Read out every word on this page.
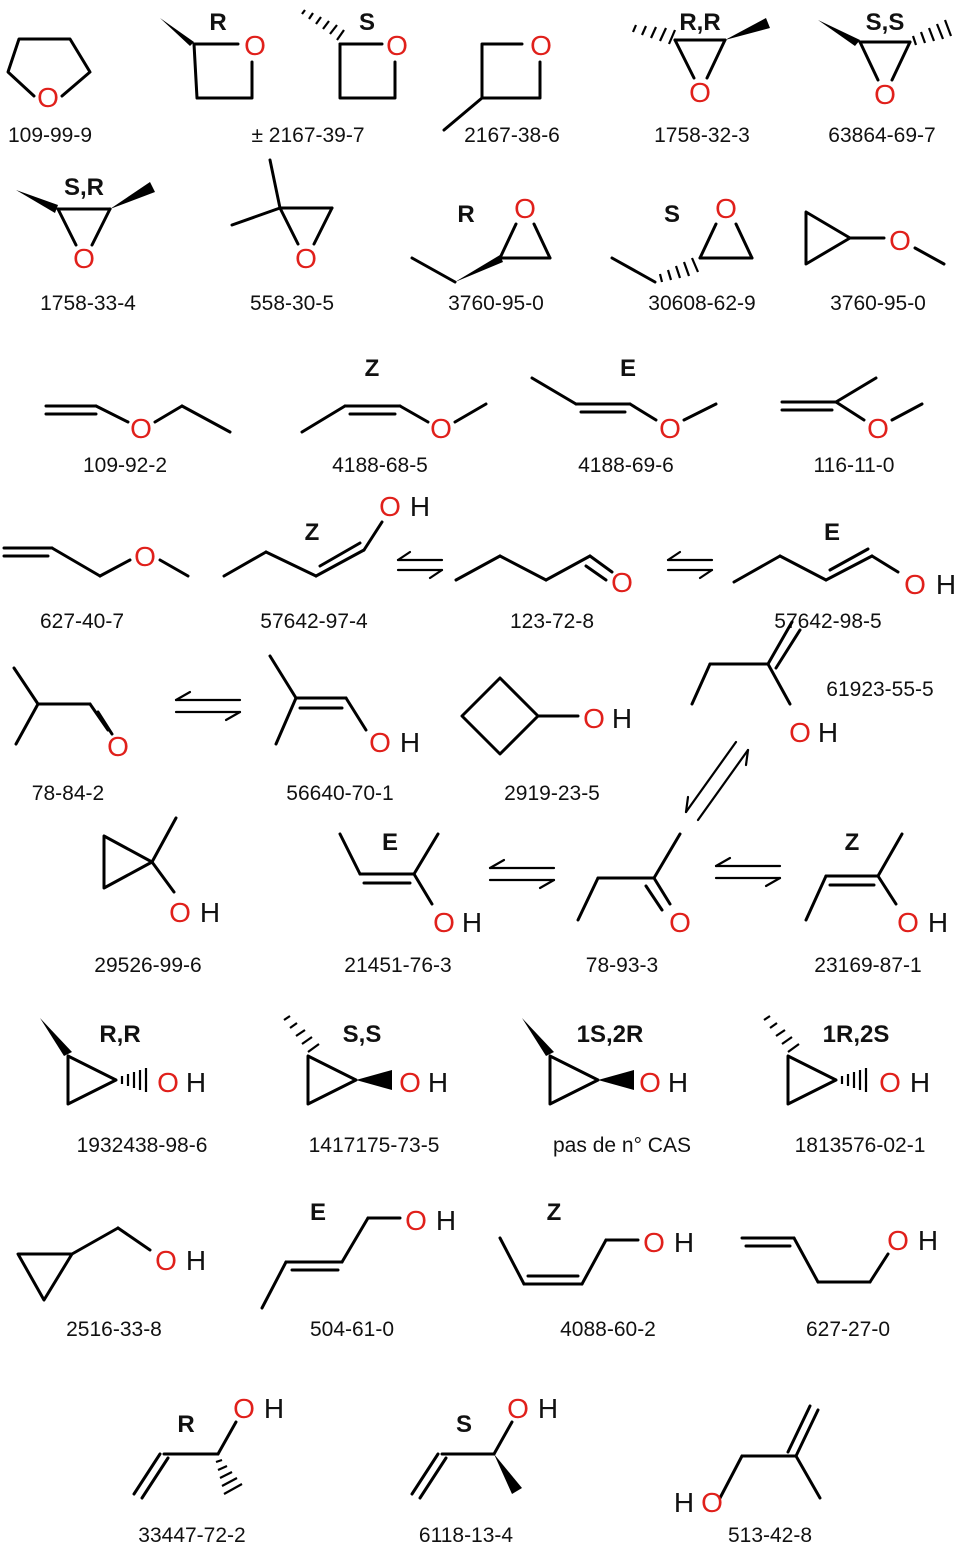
O
109-99-9
O
R
± 2167-39-7
O
S
O
2167-38-6
O
R,R
1758-32-3
O
S,S
63864-69-7
O
S,R
1758-33-4
O
558-30-5
O
R
3760-95-0
O
S
30608-62-9
O
3760-95-0
O
109-92-2
O
Z
4188-68-5
O
E
4188-69-6
O
116-11-0
O
627-40-7
O H
Z
57642-97-4
O
123-72-8
O H
E
57642-98-5
O
78-84-2
O H
56640-70-1
O H
2919-23-5
O H
61923-55-5
O H
29526-99-6
O H
E
21451-76-3
O
78-93-3
O H
Z
23169-87-1
O H
R,R
1932438-98-6
O H
S,S
1417175-73-5
O H
1S,2R
pas de n° CAS
O H
1R,2S
1813576-02-1
O H
2516-33-8
O H
E
504-61-0
O H
Z
4088-60-2
O H
627-27-0
O H
R
33447-72-2
O H
S
6118-13-4
H O
513-42-8
